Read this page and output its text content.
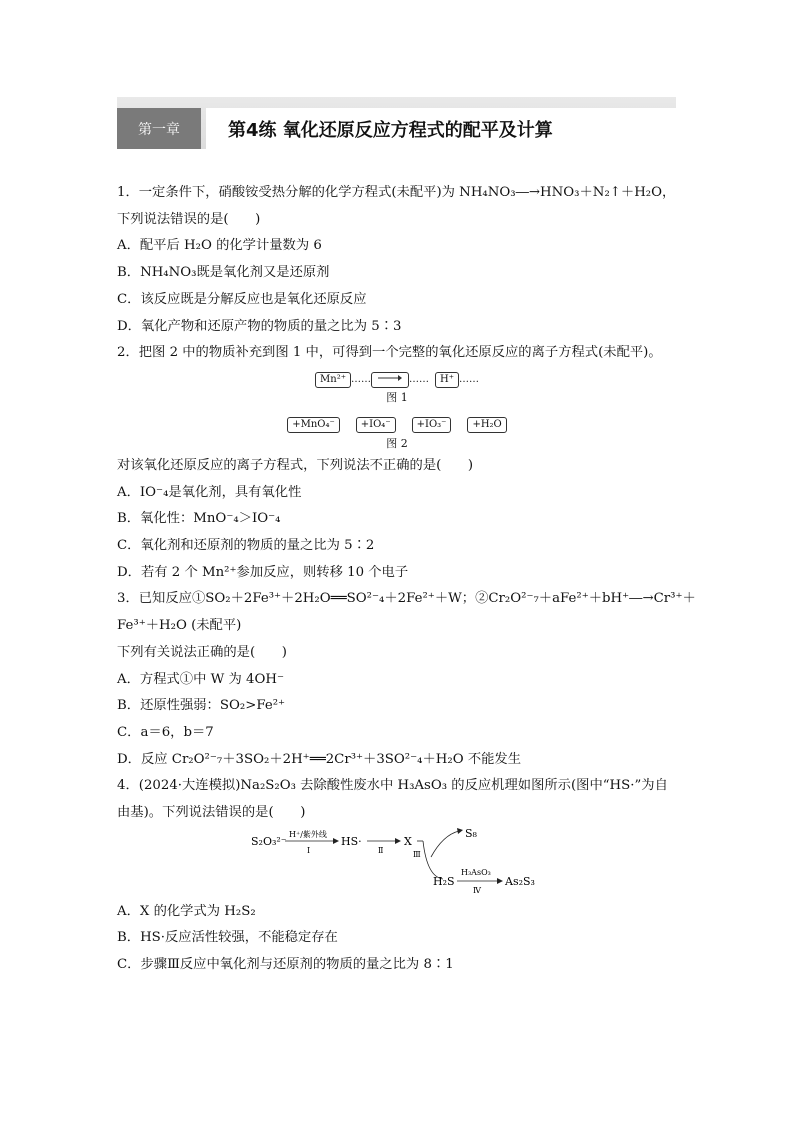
第一章	第4练 氧化还原反应方程式的配平及计算
1．一定条件下，硝酸铵受热分解的化学方程式(未配平)为 NH₄NO₃―→HNO₃＋N₂↑＋H₂O，
下列说法错误的是(　　)
A．配平后 H₂O 的化学计量数为 6
B．NH₄NO₃既是氧化剂又是还原剂
C．该反应既是分解反应也是氧化还原反应
D．氧化产物和还原产物的物质的量之比为 5∶3
2．把图 2 中的物质补充到图 1 中，可得到一个完整的氧化还原反应的离子方程式(未配平)。
Mn²⁺ ……	……	H⁺ ……
图 1
+MnO₄⁻	+IO₄⁻	+IO₃⁻	+H₂O
图 2
对该氧化还原反应的离子方程式，下列说法不正确的是(　　)
A．IO⁻₄是氧化剂，具有氧化性
B．氧化性：MnO⁻₄＞IO⁻₄
C．氧化剂和还原剂的物质的量之比为 5∶2
D．若有 2 个 Mn²⁺参加反应，则转移 10 个电子
3．已知反应①SO₂＋2Fe³⁺＋2H₂O══SO²⁻₄＋2Fe²⁺＋W；②Cr₂O²⁻₇＋aFe²⁺＋bH⁺―→Cr³⁺＋
Fe³⁺＋H₂O (未配平)
下列有关说法正确的是(　　)
A．方程式①中 W 为 4OH⁻
B．还原性强弱：SO₂>Fe²⁺
C．a＝6，b＝7
D．反应 Cr₂O²⁻₇＋3SO₂＋2H⁺══2Cr³⁺＋3SO²⁻₄＋H₂O 不能发生
4．(2024·大连模拟)Na₂S₂O₃ 去除酸性废水中 H₃AsO₃ 的反应机理如图所示(图中“HS·”为自
由基)。下列说法错误的是(　　)
S₂O₃²⁻
H⁺/紫外线
Ⅰ
HS·
Ⅱ
X
Ⅲ
S₈
H₂S
H₃AsO₃
Ⅳ
As₂S₃
A．X 的化学式为 H₂S₂
B．HS·反应活性较强，不能稳定存在
C．步骤Ⅲ反应中氧化剂与还原剂的物质的量之比为 8∶1
